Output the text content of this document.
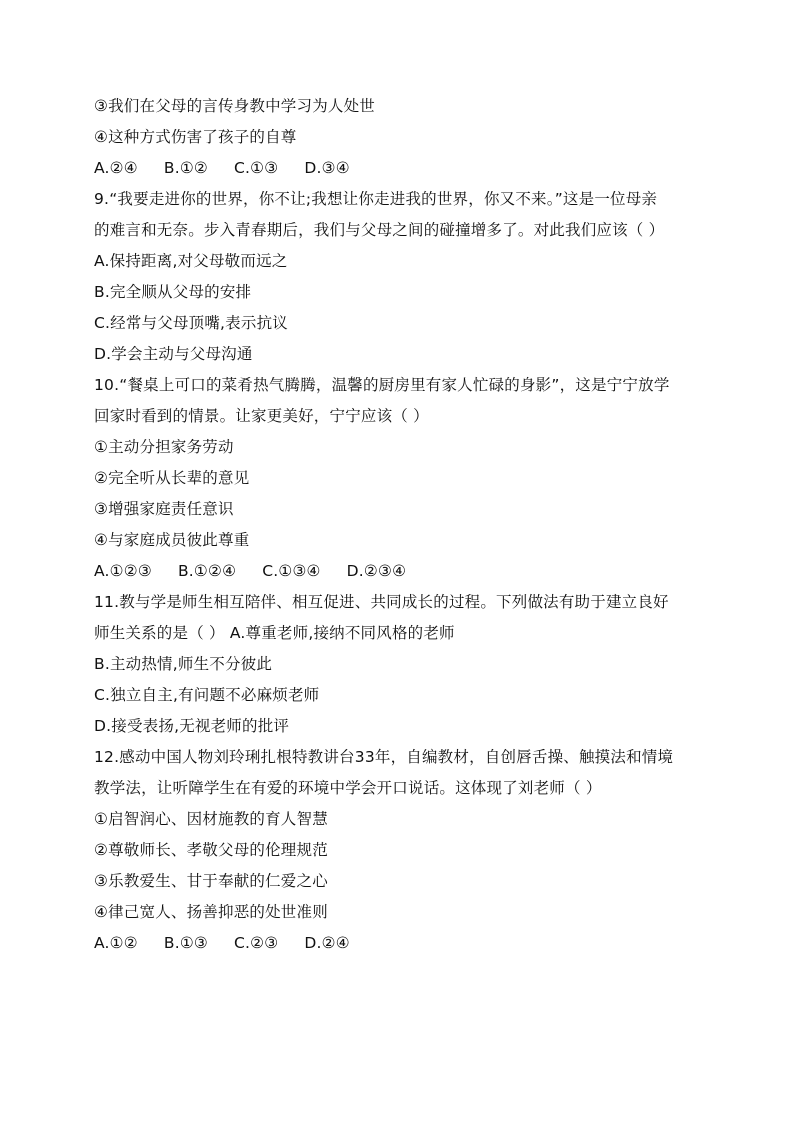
③我们在父母的言传身教中学习为人处世
④这种方式伤害了孩子的自尊
A.②④ B.①② C.①③ D.③④
9.“我要走进你的世界，你不让;我想让你走进我的世界，你又不来。”这是一位母亲
的难言和无奈。步入青春期后，我们与父母之间的碰撞增多了。对此我们应该（ ）
A.保持距离,对父母敬而远之
B.完全顺从父母的安排
C.经常与父母顶嘴,表示抗议
D.学会主动与父母沟通
10.“餐桌上可口的菜肴热气腾腾，温馨的厨房里有家人忙碌的身影”，这是宁宁放学
回家时看到的情景。让家更美好，宁宁应该（ ）
①主动分担家务劳动
②完全听从长辈的意见
③增强家庭责任意识
④与家庭成员彼此尊重
A.①②③ B.①②④ C.①③④ D.②③④
11.教与学是师生相互陪伴、相互促进、共同成长的过程。下列做法有助于建立良好
师生关系的是（ ） A.尊重老师,接纳不同风格的老师
B.主动热情,师生不分彼此
C.独立自主,有问题不必麻烦老师
D.接受表扬,无视老师的批评
12.感动中国人物刘玲琍扎根特教讲台33年，自编教材，自创唇舌操、触摸法和情境
教学法，让听障学生在有爱的环境中学会开口说话。这体现了刘老师（ ）
①启智润心、因材施教的育人智慧
②尊敬师长、孝敬父母的伦理规范
③乐教爱生、甘于奉献的仁爱之心
④律己宽人、扬善抑恶的处世准则
A.①② B.①③ C.②③ D.②④
